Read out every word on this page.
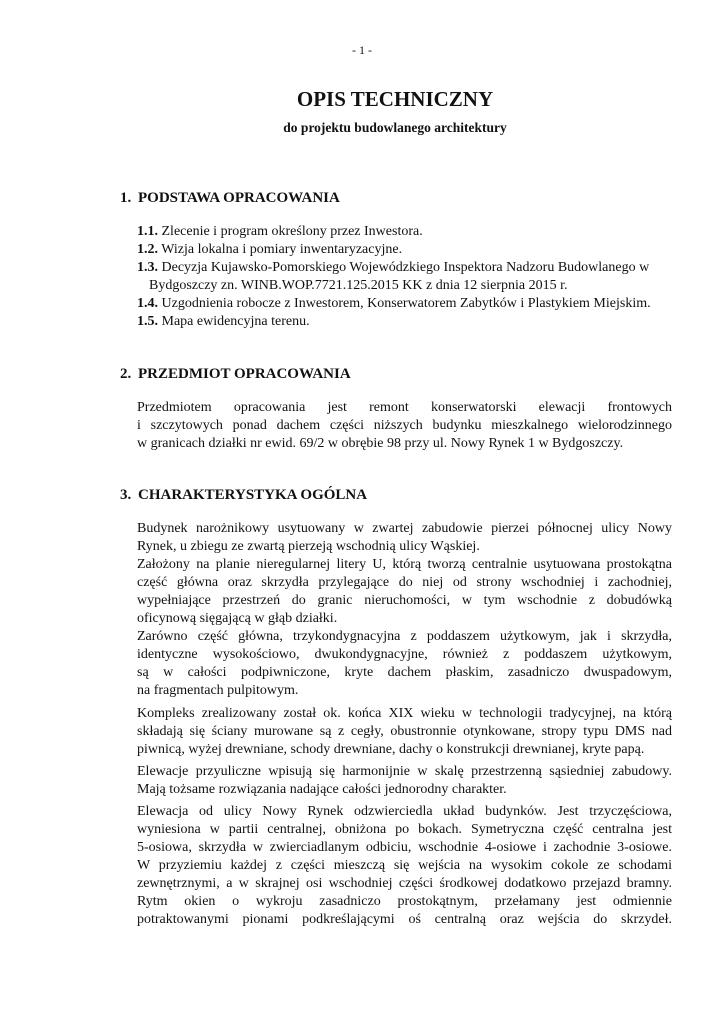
- 1 -
OPIS TECHNICZNY
do projektu budowlanego architektury
1. PODSTAWA OPRACOWANIA
1.1. Zlecenie i program określony przez Inwestora.
1.2. Wizja lokalna i pomiary inwentaryzacyjne.
1.3. Decyzja Kujawsko-Pomorskiego Wojewódzkiego Inspektora Nadzoru Budowlanego w
Bydgoszczy zn. WINB.WOP.7721.125.2015 KK z dnia 12 sierpnia 2015 r.
1.4. Uzgodnienia robocze z Inwestorem, Konserwatorem Zabytków i Plastykiem Miejskim.
1.5. Mapa ewidencyjna terenu.
2. PRZEDMIOT OPRACOWANIA
Przedmiotem opracowania jest remont konserwatorski elewacji frontowych
i szczytowych ponad dachem części niższych budynku mieszkalnego wielorodzinnego
w granicach działki nr ewid. 69/2 w obrębie 98 przy ul. Nowy Rynek 1 w Bydgoszczy.
3. CHARAKTERYSTYKA OGÓLNA
Budynek narożnikowy usytuowany w zwartej zabudowie pierzei północnej ulicy Nowy
Rynek, u zbiegu ze zwartą pierzeją wschodnią ulicy Wąskiej.
Założony na planie nieregularnej litery U, którą tworzą centralnie usytuowana prostokątna
część główna oraz skrzydła przylegające do niej od strony wschodniej i zachodniej,
wypełniające przestrzeń do granic nieruchomości, w tym wschodnie z dobudówką
oficynową sięgającą w głąb działki.
Zarówno część główna, trzykondygnacyjna z poddaszem użytkowym, jak i skrzydła,
identyczne wysokościowo, dwukondygnacyjne, również z poddaszem użytkowym,
są w całości podpiwniczone, kryte dachem płaskim, zasadniczo dwuspadowym,
na fragmentach pulpitowym.
Kompleks zrealizowany został ok. końca XIX wieku w technologii tradycyjnej, na którą
składają się ściany murowane są z cegły, obustronnie otynkowane, stropy typu DMS nad
piwnicą, wyżej drewniane, schody drewniane, dachy o konstrukcji drewnianej, kryte papą.
Elewacje przyuliczne wpisują się harmonijnie w skalę przestrzenną sąsiedniej zabudowy.
Mają tożsame rozwiązania nadające całości jednorodny charakter.
Elewacja od ulicy Nowy Rynek odzwierciedla układ budynków. Jest trzyczęściowa,
wyniesiona w partii centralnej, obniżona po bokach. Symetryczna część centralna jest
5-osiowa, skrzydła w zwierciadlanym odbiciu, wschodnie 4-osiowe i zachodnie 3-osiowe.
W przyziemiu każdej z części mieszczą się wejścia na wysokim cokole ze schodami
zewnętrznymi, a w skrajnej osi wschodniej części środkowej dodatkowo przejazd bramny.
Rytm okien o wykroju zasadniczo prostokątnym, przełamany jest odmiennie
potraktowanymi pionami podkreślającymi oś centralną oraz wejścia do skrzydeł.
